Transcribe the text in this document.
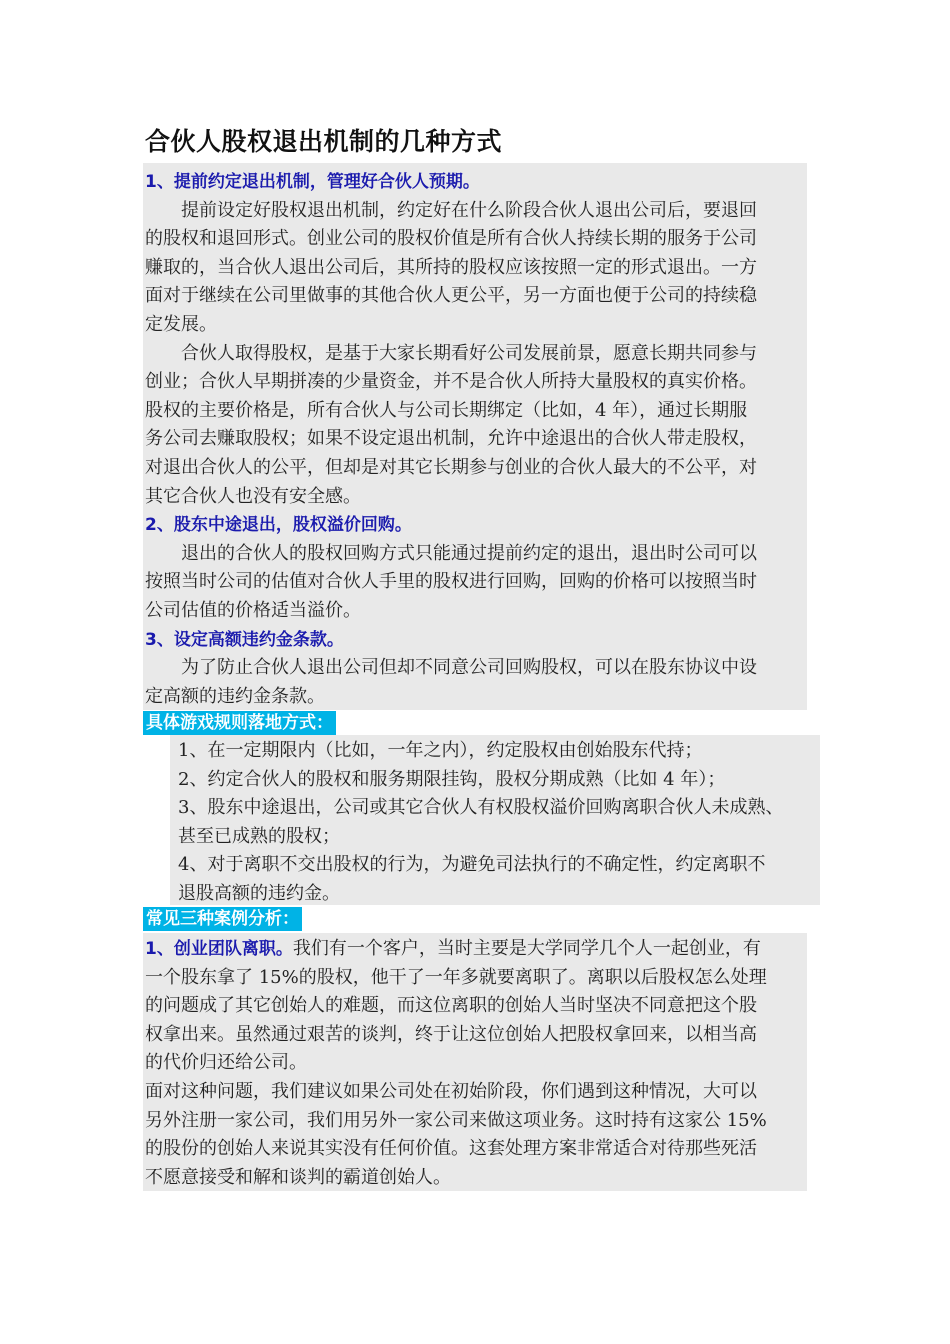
合伙人股权退出机制的几种方式
1、提前约定退出机制，管理好合伙人预期。
提前设定好股权退出机制，约定好在什么阶段合伙人退出公司后，要退回
的股权和退回形式。创业公司的股权价值是所有合伙人持续长期的服务于公司
赚取的，当合伙人退出公司后，其所持的股权应该按照一定的形式退出。一方
面对于继续在公司里做事的其他合伙人更公平，另一方面也便于公司的持续稳
定发展。
合伙人取得股权，是基于大家长期看好公司发展前景，愿意长期共同参与
创业；合伙人早期拼凑的少量资金，并不是合伙人所持大量股权的真实价格。
股权的主要价格是，所有合伙人与公司长期绑定（比如，4 年），通过长期服
务公司去赚取股权；如果不设定退出机制，允许中途退出的合伙人带走股权，
对退出合伙人的公平，但却是对其它长期参与创业的合伙人最大的不公平，对
其它合伙人也没有安全感。
2、股东中途退出，股权溢价回购。
退出的合伙人的股权回购方式只能通过提前约定的退出，退出时公司可以
按照当时公司的估值对合伙人手里的股权进行回购，回购的价格可以按照当时
公司估值的价格适当溢价。
3、设定高额违约金条款。
为了防止合伙人退出公司但却不同意公司回购股权，可以在股东协议中设
定高额的违约金条款。
具体游戏规则落地方式：
1、在一定期限内（比如，一年之内），约定股权由创始股东代持；
2、约定合伙人的股权和服务期限挂钩，股权分期成熟（比如 4 年）；
3、股东中途退出，公司或其它合伙人有权股权溢价回购离职合伙人未成熟、
甚至已成熟的股权；
4、对于离职不交出股权的行为，为避免司法执行的不确定性，约定离职不
退股高额的违约金。
常见三种案例分析：
1、创业团队离职。我们有一个客户，当时主要是大学同学几个人一起创业，有
一个股东拿了 15%的股权，他干了一年多就要离职了。离职以后股权怎么处理
的问题成了其它创始人的难题，而这位离职的创始人当时坚决不同意把这个股
权拿出来。虽然通过艰苦的谈判，终于让这位创始人把股权拿回来，以相当高
的代价归还给公司。
面对这种问题，我们建议如果公司处在初始阶段，你们遇到这种情况，大可以
另外注册一家公司，我们用另外一家公司来做这项业务。这时持有这家公 15%
的股份的创始人来说其实没有任何价值。这套处理方案非常适合对待那些死活
不愿意接受和解和谈判的霸道创始人。
